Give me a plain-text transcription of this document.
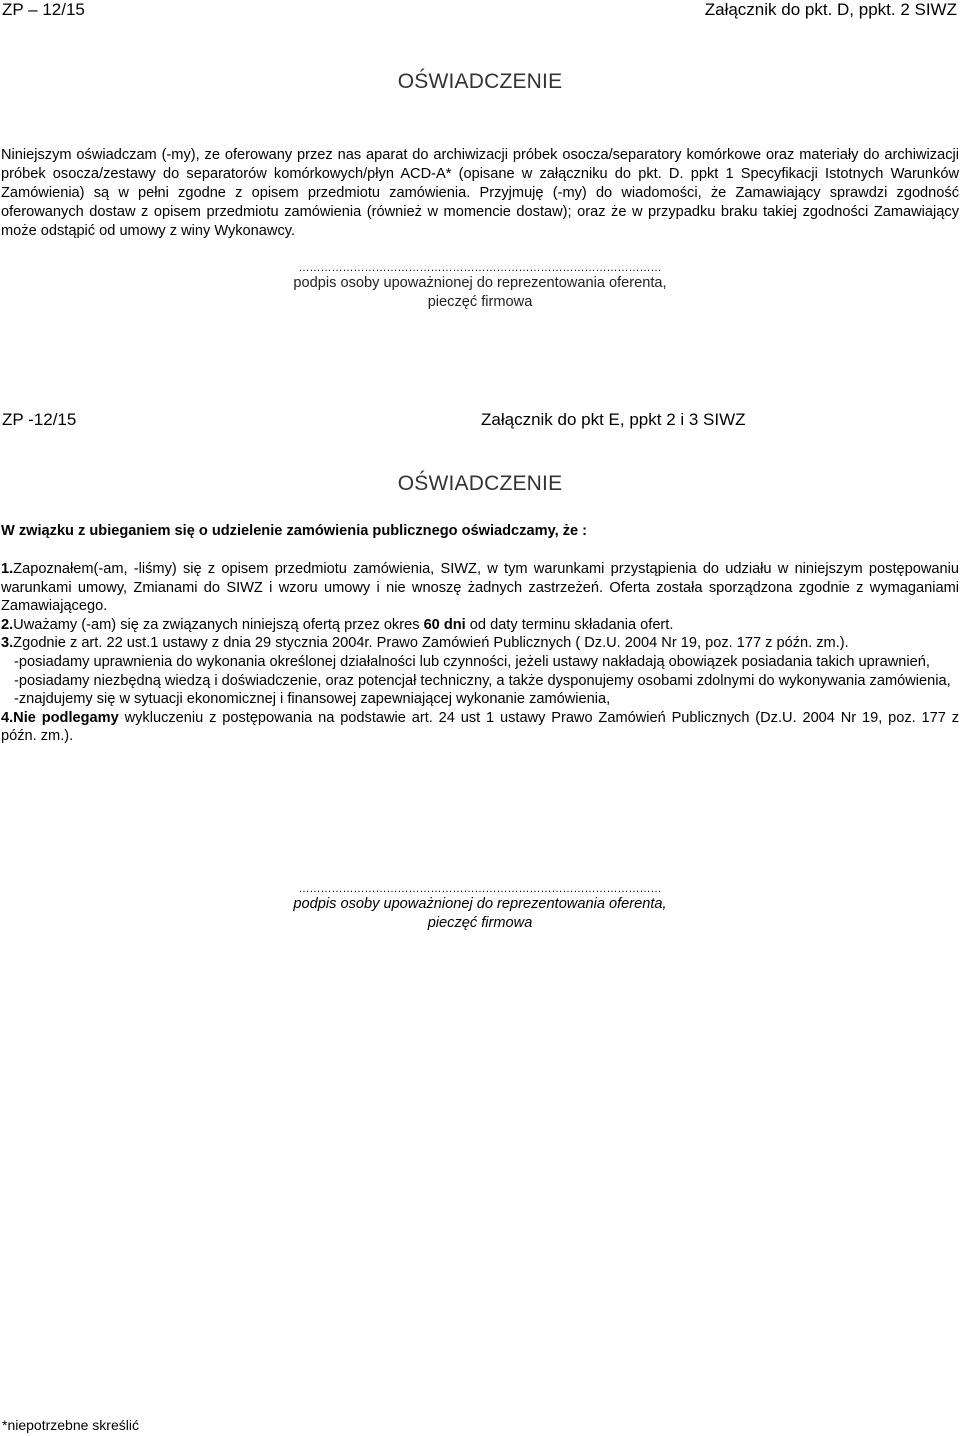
ZP – 12/15	Załącznik do pkt. D, ppkt. 2 SIWZ
OŚWIADCZENIE
Niniejszym oświadczam (-my), ze oferowany przez nas aparat do archiwizacji próbek osocza/separatory komórkowe oraz materiały do archiwizacji próbek osocza/zestawy do separatorów komórkowych/płyn ACD-A* (opisane w załączniku do pkt. D. ppkt 1 Specyfikacji Istotnych Warunków Zamówienia) są w pełni zgodne z opisem przedmiotu zamówienia. Przyjmuję (-my) do wiadomości, że Zamawiający sprawdzi zgodność oferowanych dostaw z opisem przedmiotu zamówienia (również w momencie dostaw); oraz że w przypadku braku takiej zgodności Zamawiający może odstąpić od umowy z winy Wykonawcy.
………………………………………………………………………………………
podpis osoby upoważnionej do reprezentowania oferenta,
pieczęć firmowa
ZP -12/15	Załącznik do pkt E, ppkt 2 i 3 SIWZ
OŚWIADCZENIE
W związku z ubieganiem się o udzielenie zamówienia publicznego oświadczamy, że :

1.Zapoznałem(-am, -liśmy) się z opisem przedmiotu zamówienia, SIWZ, w tym warunkami przystąpienia do udziału w niniejszym postępowaniu warunkami umowy, Zmianami do SIWZ i wzoru umowy i nie wnoszę żadnych zastrzeżeń. Oferta została sporządzona zgodnie z wymaganiami Zamawiającego.

2.Uważamy (-am) się za związanych niniejszą ofertą przez okres 60 dni od daty terminu składania ofert.

3.Zgodnie z art. 22 ust.1 ustawy z dnia 29 stycznia 2004r. Prawo Zamówień Publicznych ( Dz.U. 2004 Nr 19, poz. 177 z późn. zm.).

-posiadamy uprawnienia do wykonania określonej działalności lub czynności, jeżeli ustawy nakładają obowiązek posiadania takich uprawnień,

-posiadamy niezbędną wiedzą i doświadczenie, oraz potencjał techniczny, a także dysponujemy osobami zdolnymi do wykonywania zamówienia,

-znajdujemy się w sytuacji ekonomicznej i finansowej zapewniającej wykonanie zamówienia,

4.Nie podlegamy wykluczeniu z postępowania na podstawie art. 24 ust 1 ustawy Prawo Zamówień Publicznych (Dz.U. 2004 Nr 19, poz. 177 z późn. zm.).

………………………………………………………………………………………
podpis osoby upoważnionej do reprezentowania oferenta,
pieczęć firmowa
*niepotrzebne skreślić
